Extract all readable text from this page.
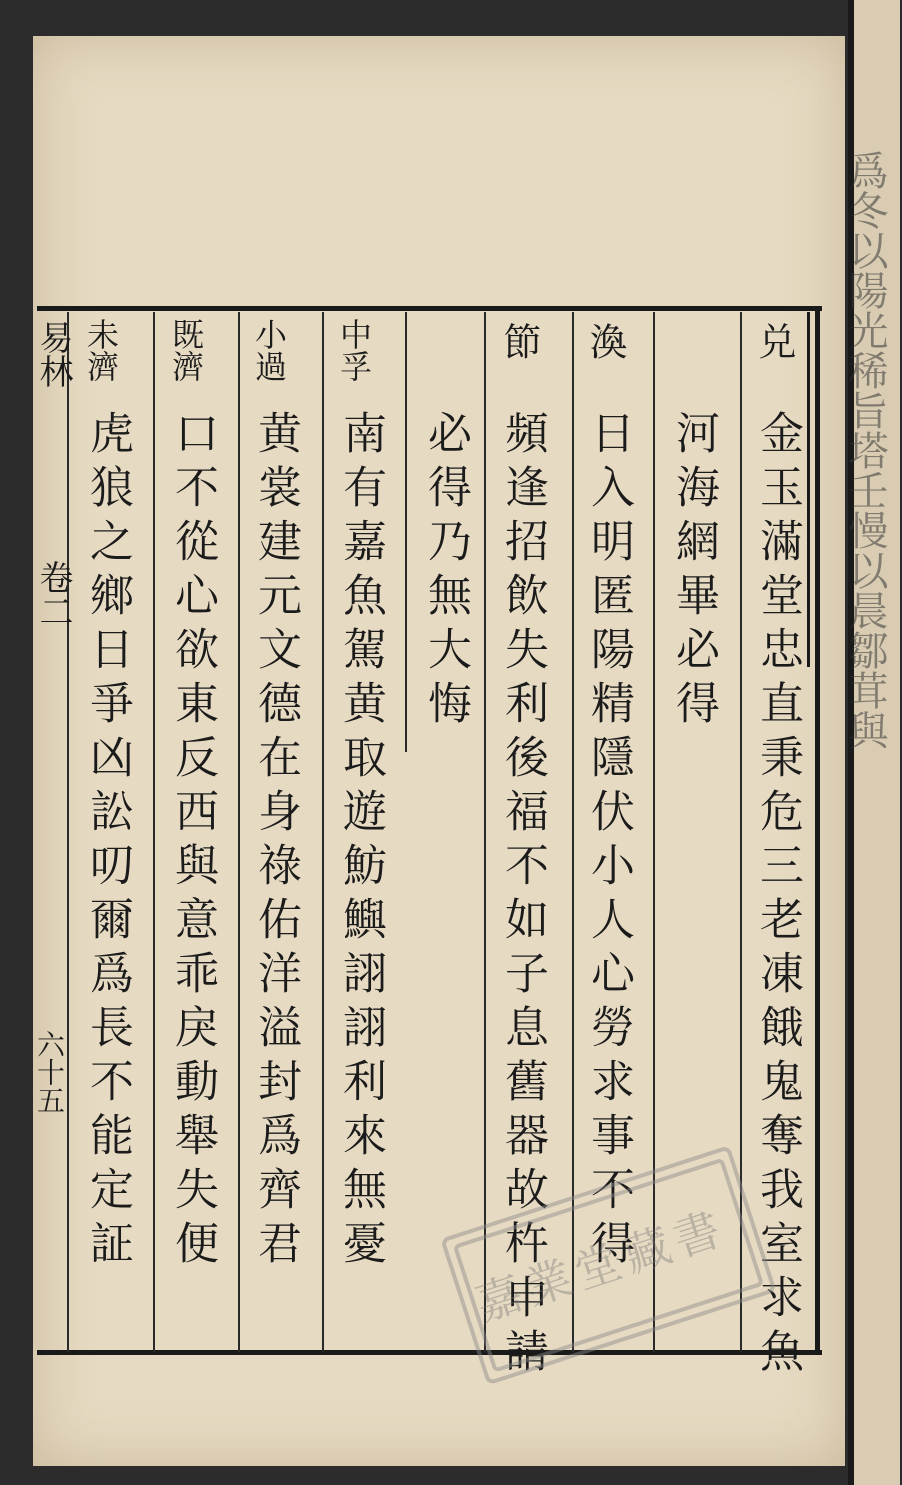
爲冬以陽光稀旨塔壬慢以晨鄒茸與
兑
渙
節
中孚
小過
既濟
未濟
金玉滿堂忠直秉危三老凍餓鬼奪我室求魚
河海網畢必得
日入明匿陽精隱伏小人心勞求事不得
頻逢招飲失利後福不如子息舊器故杵申請
必得乃無大悔
南有嘉魚駕黄取遊魴鱮詡詡利來無憂
黄裳建元文德在身祿佑洋溢封爲齊君
口不從心欲東反西與意乖戾動舉失便
虎狼之鄉日爭凶訟叨爾爲長不能定証
易林
卷二
六十五
嘉業堂藏書
